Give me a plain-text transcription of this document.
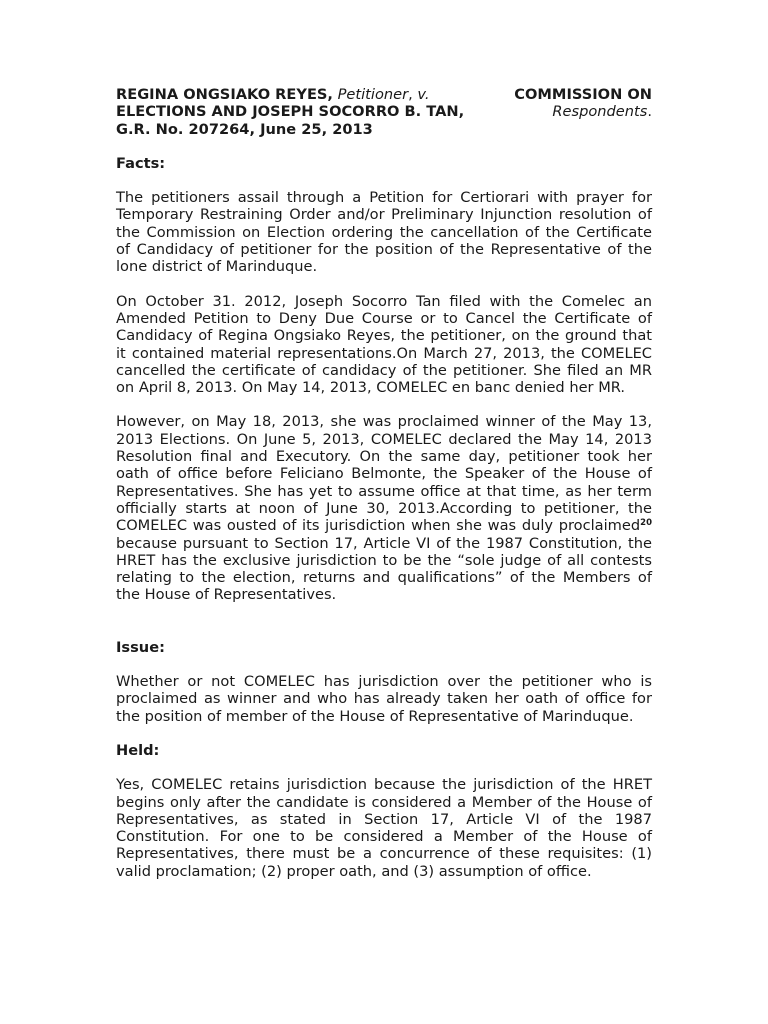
REGINA ONGSIAKO REYES, Petitioner, v.	COMMISSION ON
ELECTIONS AND JOSEPH SOCORRO B. TAN,	Respondents.

G.R. No. 207264, June 25, 2013

Facts:

The petitioners assail through a Petition for Certiorari with prayer for Temporary Restraining Order and/or Preliminary Injunction resolution of the Commission on Election ordering the cancellation of the Certificate of Candidacy of petitioner for the position of the Representative of the lone district of Marinduque.

On October 31. 2012, Joseph Socorro Tan filed with the Comelec an Amended Petition to Deny Due Course or to Cancel the Certificate of Candidacy of Regina Ongsiako Reyes, the petitioner, on the ground that it contained material representations.On March 27, 2013, the COMELEC cancelled the certificate of candidacy of the petitioner. She filed an MR on April 8, 2013. On May 14, 2013, COMELEC en banc denied her MR.

However, on May 18, 2013, she was proclaimed winner of the May 13, 2013 Elections. On June 5, 2013, COMELEC declared the May 14, 2013 Resolution final and Executory. On the same day, petitioner took her oath of office before Feliciano Belmonte, the Speaker of the House of Representatives. She has yet to assume office at that time, as her term officially starts at noon of June 30, 2013.According to petitioner, the COMELEC was ousted of its jurisdiction when she was duly proclaimed$^{20}$ because pursuant to Section 17, Article VI of the 1987 Constitution, the HRET has the exclusive jurisdiction to be the “sole judge of all contests relating to the election, returns and qualifications” of the Members of the House of Representatives.

Issue:

Whether or not COMELEC has jurisdiction over the petitioner who is proclaimed as winner and who has already taken her oath of office for the position of member of the House of Representative of Marinduque.

Held:

Yes, COMELEC retains jurisdiction because the jurisdiction of the HRET begins only after the candidate is considered a Member of the House of Representatives, as stated in Section 17, Article VI of the 1987 Constitution. For one to be considered a Member of the House of Representatives, there must be a concurrence of these requisites: (1) valid proclamation; (2) proper oath, and (3) assumption of office.
